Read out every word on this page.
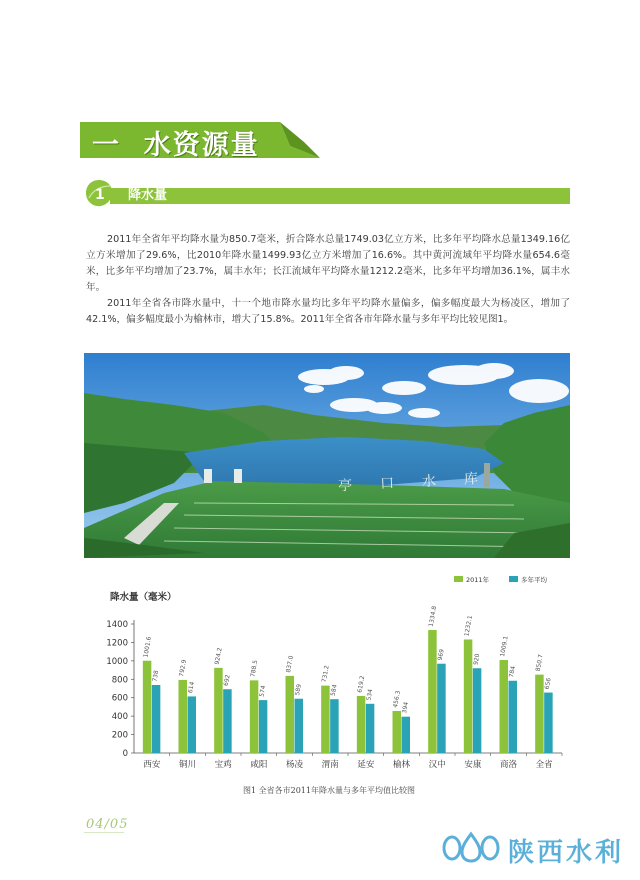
一  水资源量
1 降水量

2011年全省年平均降水量为850.7毫米，折合降水总量1749.03亿立方米，比多年平均降水总量1349.16亿立方米增加了29.6%，比2010年降水量1499.93亿立方米增加了16.6%。其中黄河流域年平均降水量654.6毫米，比多年平均增加了23.7%，属丰水年；长江流域年平均降水量1212.2毫米，比多年平均增加36.1%，属丰水年。

2011年全省各市降水量中，十一个地市降水量均比多年平均降水量偏多，偏多幅度最大为杨凌区，增加了42.1%，偏多幅度最小为榆林市，增大了15.8%。2011年全省各市年降水量与多年平均比较见图1。

亭口水库
降水量（毫米）
2011年	多年平均
0
200
400
600
800
1000
1200
1400
1001.6
738	792.9
614
924.2
692
788.5
574
837.0
589
731.2
584	619.2
534	456.3 394
1334.8
969
1232.1
920
1009.1
784	850.7
656
西安 铜川 宝鸡 咸阳 杨凌 渭南 延安 榆林 汉中 安康 商洛 全省
图1 全省各市2011年降水量与多年平均值比较图
04/05
陕西水利
